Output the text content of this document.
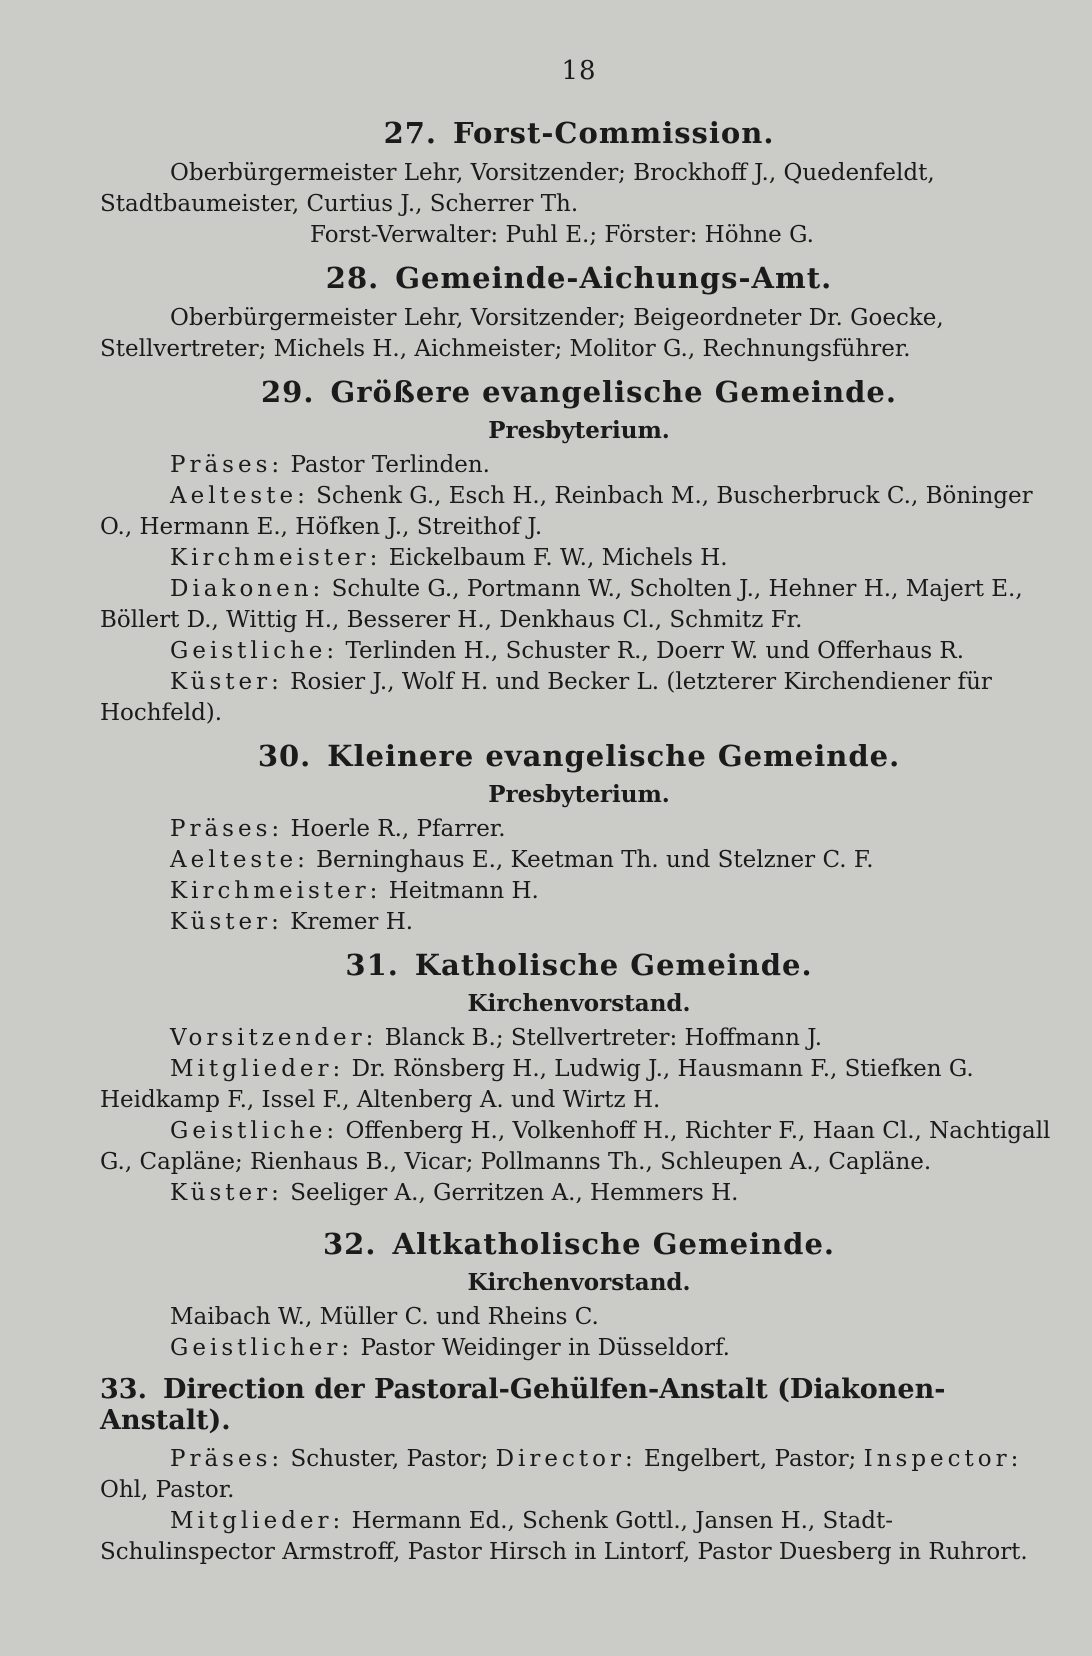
18
27. Forst-Commission.

Oberbürgermeister Lehr, Vorsitzender; Brockhoff J., Quedenfeldt, Stadtbaumeister, Curtius J., Scherrer Th.

Forst-Verwalter: Puhl E.; Förster: Höhne G.

28. Gemeinde-Aichungs-Amt.

Oberbürgermeister Lehr, Vorsitzender; Beigeordneter Dr. Goecke, Stellvertreter; Michels H., Aichmeister; Molitor G., Rechnungsführer.

29. Größere evangelische Gemeinde.
Presbyterium.

Präses: Pastor Terlinden.

Aelteste: Schenk G., Esch H., Reinbach M., Buscherbruck C., Böninger O., Hermann E., Höfken J., Streithof J.

Kirchmeister: Eickelbaum F. W., Michels H.

Diakonen: Schulte G., Portmann W., Scholten J., Hehner H., Majert E., Böllert D., Wittig H., Besserer H., Denkhaus Cl., Schmitz Fr.

Geistliche: Terlinden H., Schuster R., Doerr W. und Offerhaus R.

Küster: Rosier J., Wolf H. und Becker L. (letzterer Kirchendiener für Hochfeld).

30. Kleinere evangelische Gemeinde.
Presbyterium.

Präses: Hoerle R., Pfarrer.

Aelteste: Berninghaus E., Keetman Th. und Stelzner C. F.

Kirchmeister: Heitmann H.

Küster: Kremer H.

31. Katholische Gemeinde.
Kirchenvorstand.

Vorsitzender: Blanck B.; Stellvertreter: Hoffmann J.

Mitglieder: Dr. Rönsberg H., Ludwig J., Hausmann F., Stiefken G. Heidkamp F., Issel F., Altenberg A. und Wirtz H.

Geistliche: Offenberg H., Volkenhoff H., Richter F., Haan Cl., Nachtigall G., Capläne; Rienhaus B., Vicar; Pollmanns Th., Schleupen A., Capläne.

Küster: Seeliger A., Gerritzen A., Hemmers H.

32. Altkatholische Gemeinde.
Kirchenvorstand.

Maibach W., Müller C. und Rheins C.

Geistlicher: Pastor Weidinger in Düsseldorf.

33. Direction der Pastoral-Gehülfen-Anstalt (Diakonen-Anstalt).

Präses: Schuster, Pastor; Director: Engelbert, Pastor; Inspector: Ohl, Pastor.

Mitglieder: Hermann Ed., Schenk Gottl., Jansen H., Stadt-Schulinspector Armstroff, Pastor Hirsch in Lintorf, Pastor Duesberg in Ruhrort.
